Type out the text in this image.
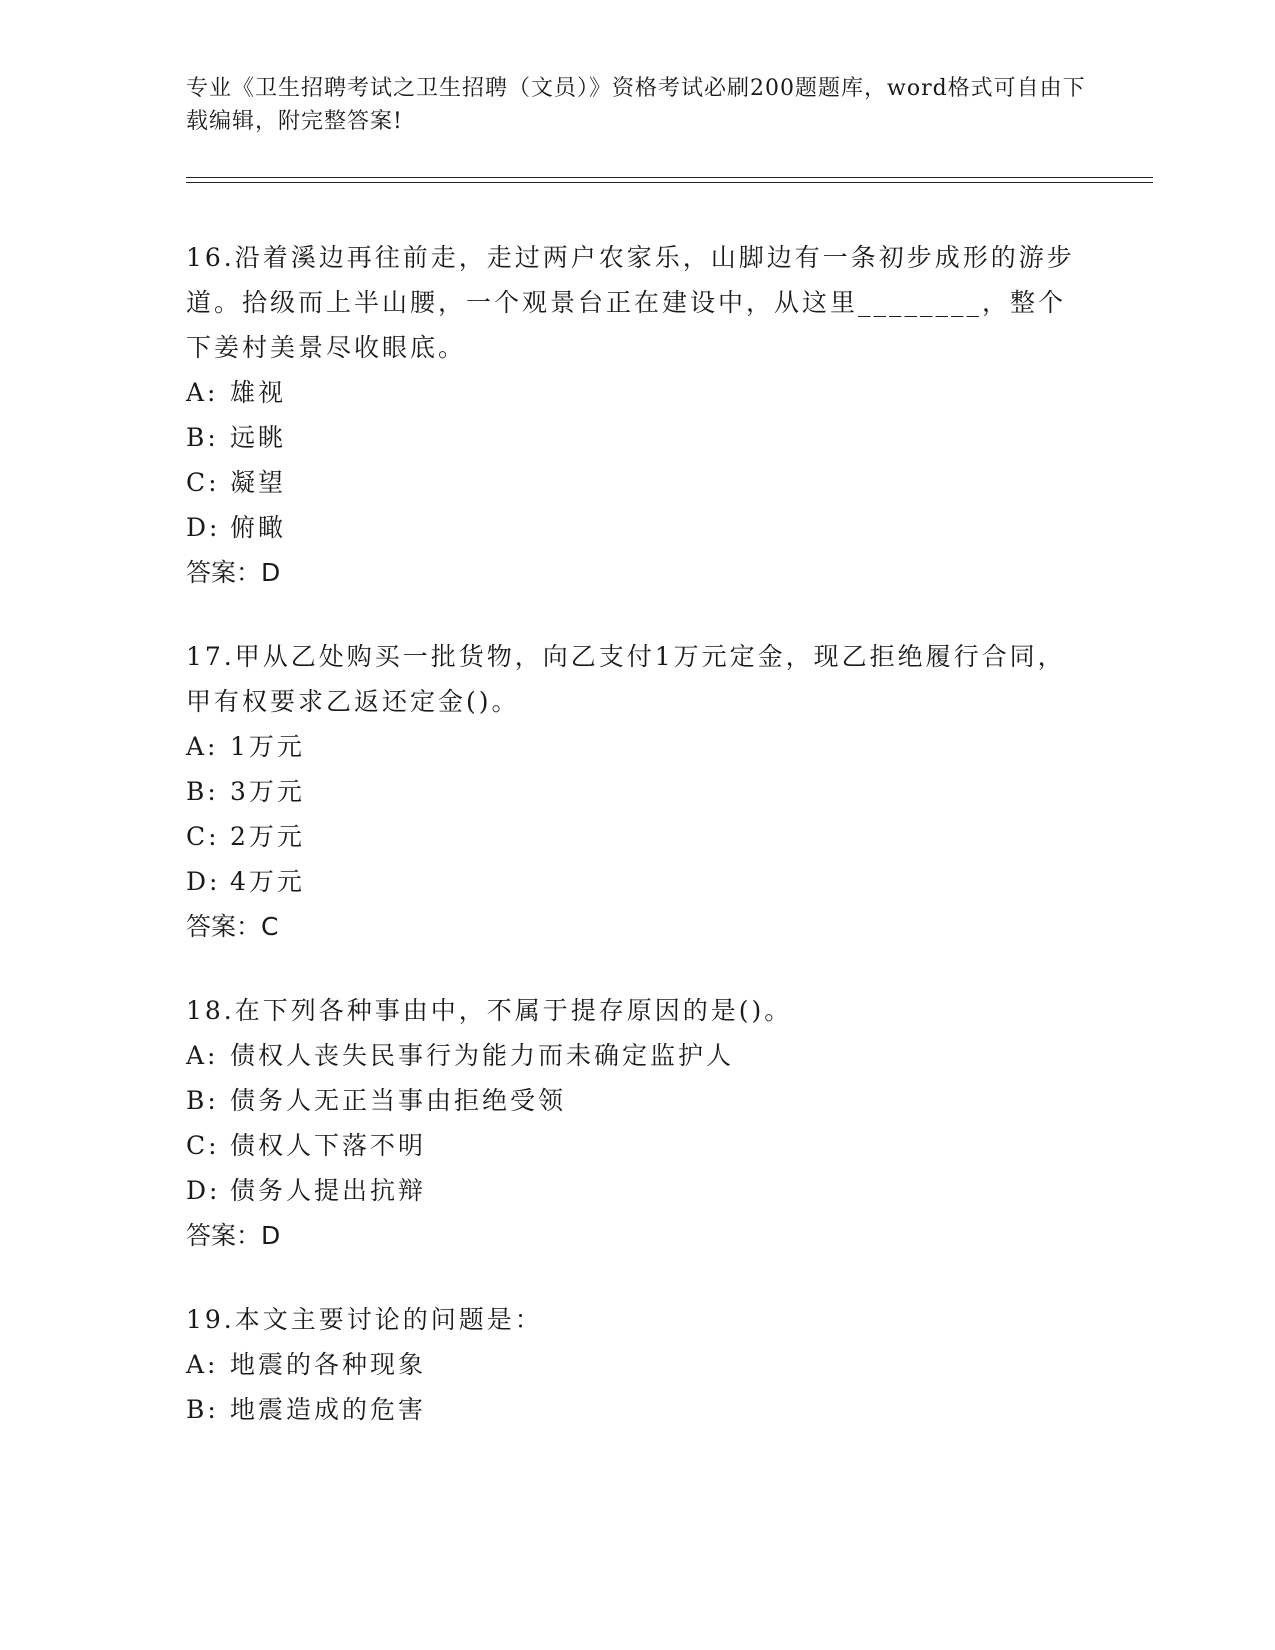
专业《卫生招聘考试之卫生招聘（文员）》资格考试必刷200题题库，word格式可自由下载编辑，附完整答案!

16.沿着溪边再往前走，走过两户农家乐，山脚边有一条初步成形的游步道。拾级而上半山腰，一个观景台正在建设中，从这里________，整个下姜村美景尽收眼底。

A: 雄视

B: 远眺

C: 凝望

D: 俯瞰

答案：D

17.甲从乙处购买一批货物，向乙支付1万元定金，现乙拒绝履行合同，甲有权要求乙返还定金()。

A: 1万元

B: 3万元

C: 2万元

D: 4万元

答案：C

18.在下列各种事由中，不属于提存原因的是()。

A: 债权人丧失民事行为能力而未确定监护人

B: 债务人无正当事由拒绝受领

C: 债权人下落不明

D: 债务人提出抗辩

答案：D

19.本文主要讨论的问题是：

A: 地震的各种现象

B: 地震造成的危害
